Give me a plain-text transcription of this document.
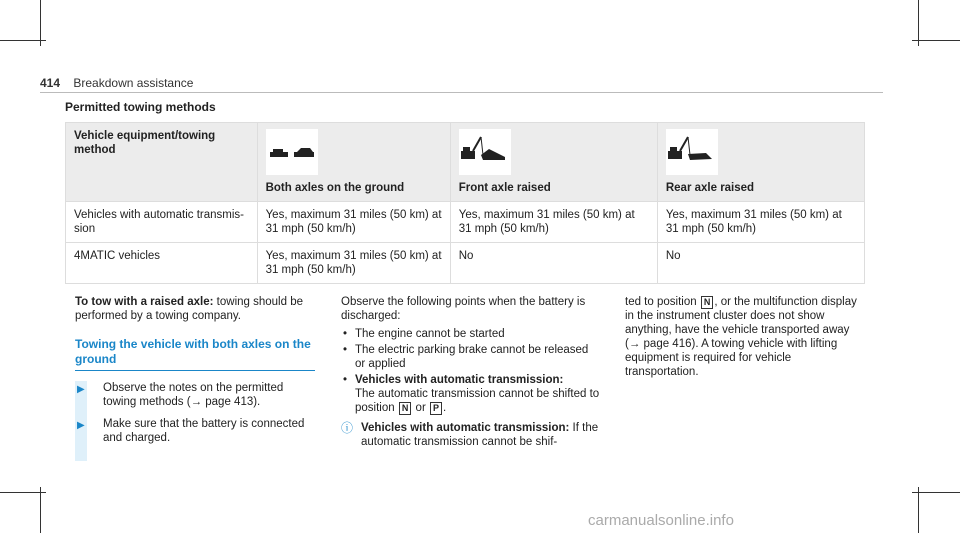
414 Breakdown assistance
Permitted towing methods
Vehicle equipment/towing method	Both axles on the ground	Front axle raised	Rear axle raised

Vehicles with automatic transmis-sion	Yes, maximum 31 miles (50 km) at 31 mph (50 km/h)	Yes, maximum 31 miles (50 km) at 31 mph (50 km/h)	Yes, maximum 31 miles (50 km) at 31 mph (50 km/h)
4MATIC vehicles	Yes, maximum 31 miles (50 km) at 31 mph (50 km/h)	No	No

To tow with a raised axle: towing should be performed by a towing company.

Towing the vehicle with both axles on the ground
▶ Observe the notes on the permitted towing methods (→ page 413).
▶ Make sure that the battery is connected and charged.

Observe the following points when the battery is discharged:

• The engine cannot be started
• The electric parking brake cannot be released or applied
• Vehicles with automatic transmission:
The automatic transmission cannot be shifted to position N or P .
ⓘ Vehicles with automatic transmission: If the automatic transmission cannot be shif-

ted to position N , or the multifunction display in the instrument cluster does not show anything, have the vehicle transported away (→ page 416). A towing vehicle with lifting equipment is required for vehicle transportation.

carmanualsonline.info
